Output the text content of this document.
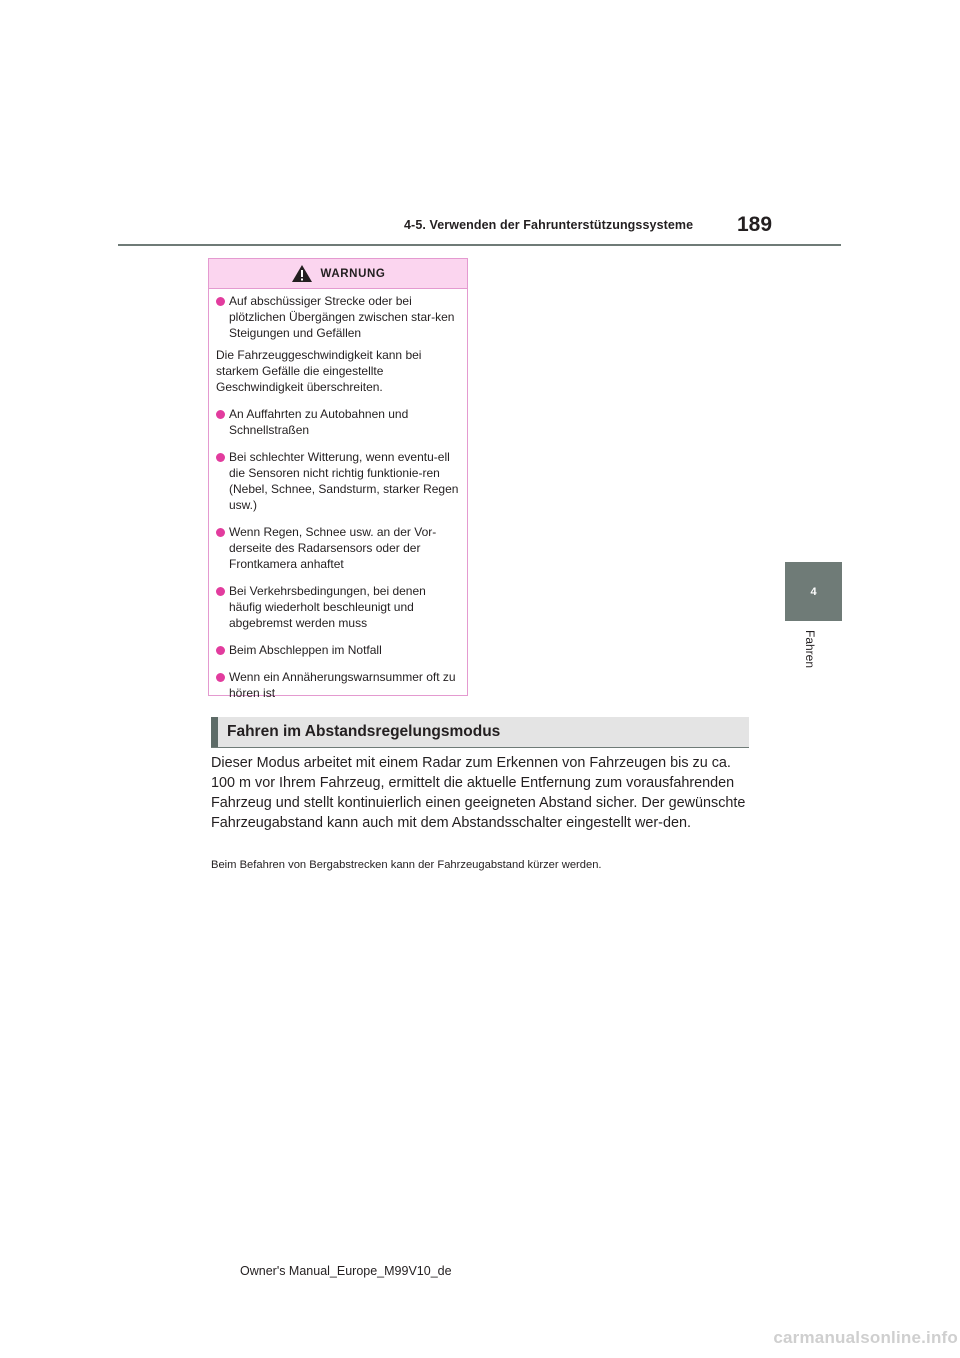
4-5. Verwenden der Fahrunterstützungssysteme 189
4
Fahren
WARNUNG
Auf abschüssiger Strecke oder bei plötzlichen Übergängen zwischen star-ken Steigungen und Gefällen
Die Fahrzeuggeschwindigkeit kann bei starkem Gefälle die eingestellte Geschwindigkeit überschreiten.
An Auffahrten zu Autobahnen und Schnellstraßen
Bei schlechter Witterung, wenn eventu-ell die Sensoren nicht richtig funktionie-ren (Nebel, Schnee, Sandsturm, starker Regen usw.)
Wenn Regen, Schnee usw. an der Vor-derseite des Radarsensors oder der Frontkamera anhaftet
Bei Verkehrsbedingungen, bei denen häufig wiederholt beschleunigt und abgebremst werden muss
Beim Abschleppen im Notfall
Wenn ein Annäherungswarnsummer oft zu hören ist
Fahren im Abstandsregelungsmodus

Dieser Modus arbeitet mit einem Radar zum Erkennen von Fahrzeugen bis zu ca. 100 m vor Ihrem Fahrzeug, ermittelt die aktuelle Entfernung zum vorausfahrenden Fahrzeug und stellt kontinuierlich einen geeigneten Abstand sicher. Der gewünschte Fahrzeugabstand kann auch mit dem Abstandsschalter eingestellt wer-den.

Beim Befahren von Bergabstrecken kann der Fahrzeugabstand kürzer werden.

Owner's Manual_Europe_M99V10_de
carmanualsonline.info
